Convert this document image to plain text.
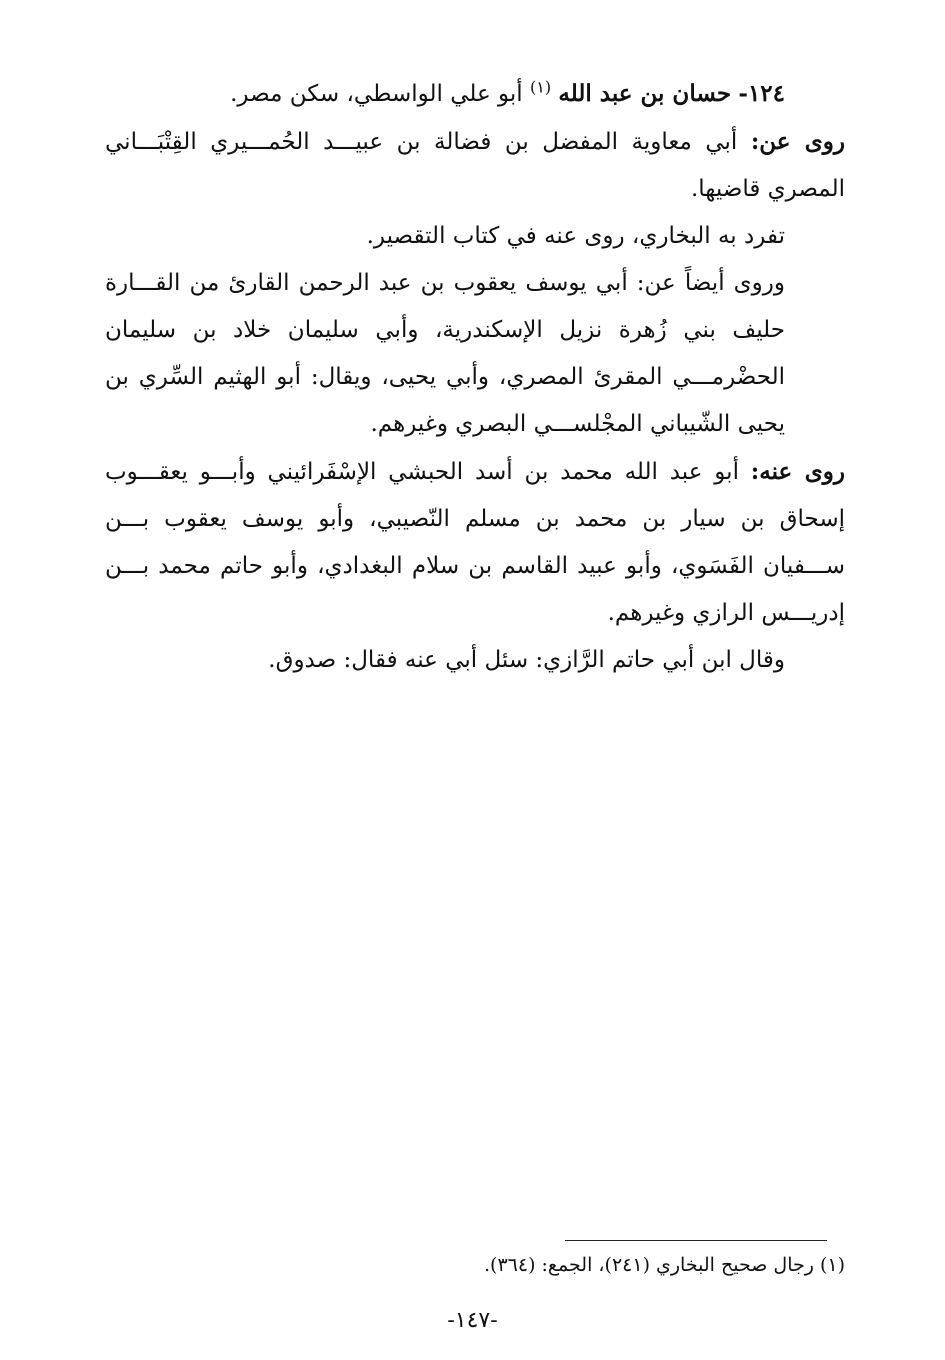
١٢٤- حسان بن عبد الله $^{(١)}$ أبو علي الواسطي، سكن مصر.

روى عن: أبي معاوية المفضل بن فضالة بن عبيـــد الحُمـــيري القِتْبَـــاني المصري قاضيها.

تفرد به البخاري، روى عنه في كتاب التقصير.

وروى أيضاً عن: أبي يوسف يعقوب بن عبد الرحمن القارئ من القـــارة حليف بني زُهرة نزيل الإسكندرية، وأبي سليمان خلاد بن سليمان الحضْرمـــي المقرئ المصري، وأبي يحيى، ويقال: أبو الهثيم السِّري بن يحيى الشّيباني المجْلســـي البصري وغيرهم.

روى عنه: أبو عبد الله محمد بن أسد الحبشي الإسْفَرائيني وأبـــو يعقـــوب إسحاق بن سيار بن محمد بن مسلم النّصيبي، وأبو يوسف يعقوب بـــن ســـفيان الفَسَوي، وأبو عبيد القاسم بن سلام البغدادي، وأبو حاتم محمد بـــن إدريـــس الرازي وغيرهم.

وقال ابن أبي حاتم الرَّازي: سئل أبي عنه فقال: صدوق.

(١) رجال صحيح البخاري (٢٤١)، الجمع: (٣٦٤).
-١٤٧-
